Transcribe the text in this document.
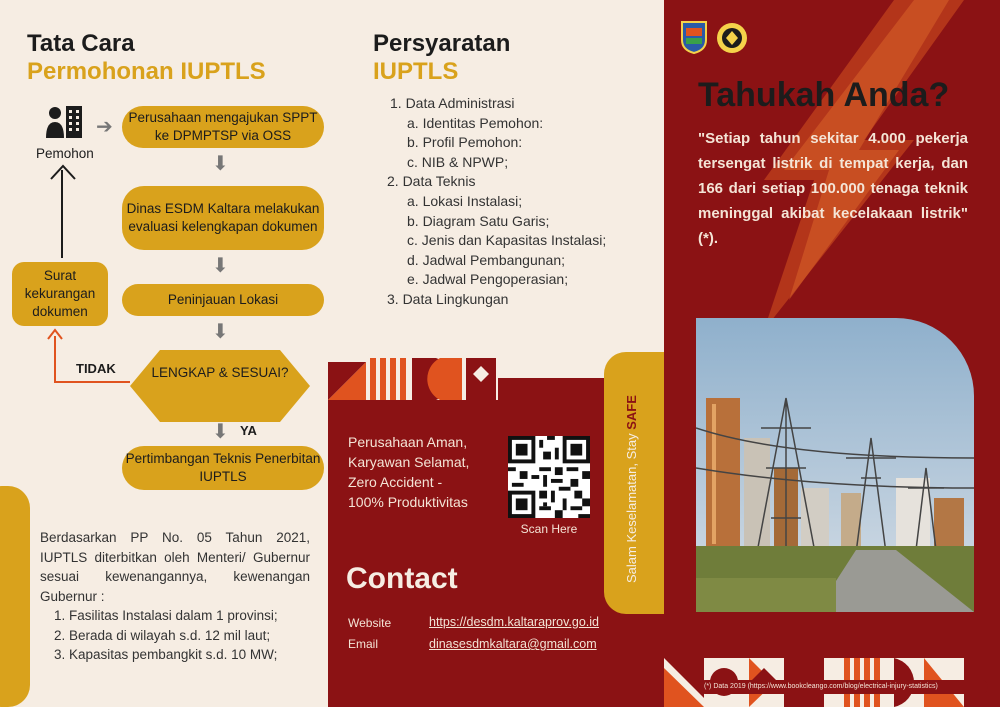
Tata Cara
Permohonan IUPTLS
Pemohon
➔	Perusahaan mengajukan SPPT ke DPMPTSP via OSS
⬇
Dinas ESDM Kaltara melakukan evaluasi kelengkapan dokumen
⬇
Peninjauan Lokasi
⬇
LENGKAP & SESUAI?
TIDAK
Surat kekurangan dokumen
⬇ YA
Pertimbangan Teknis Penerbitan IUPTLS
Berdasarkan PP No. 05 Tahun 2021, IUPTLS diterbitkan oleh Menteri/ Gubernur sesuai kewenangannya, kewenangan Gubernur :
1. Fasilitas Instalasi dalam 1 provinsi;
2. Berada di wilayah s.d. 12 mil laut;
3. Kapasitas pembangkit s.d. 10 MW;
Persyaratan
IUPTLS
1. Data Administrasi
a. Identitas Pemohon:
b. Profil Pemohon:
c. NIB & NPWP;
2. Data Teknis
a. Lokasi Instalasi;
b. Diagram Satu Garis;
c. Jenis dan Kapasitas Instalasi;
d. Jadwal Pembangunan;
e. Jadwal Pengoperasian;
3. Data Lingkungan
Perusahaan Aman,
Karyawan Selamat,
Zero Accident -
100% Produktivitas
Scan Here	Salam Keselamatan, Stay SAFE
Contact
Website	https://desdm.kaltaraprov.go.id
Email	dinasesdmkaltara@gmail.com
Tahukah Anda?
"Setiap tahun sekitar 4.000 pekerja tersengat listrik di tempat kerja, dan 166 dari setiap 100.000 tenaga teknik meninggal akibat kecelakaan listrik"(*).
(*) Data 2019 (https://www.bookcleango.com/blog/electrical-injury-statistics)
